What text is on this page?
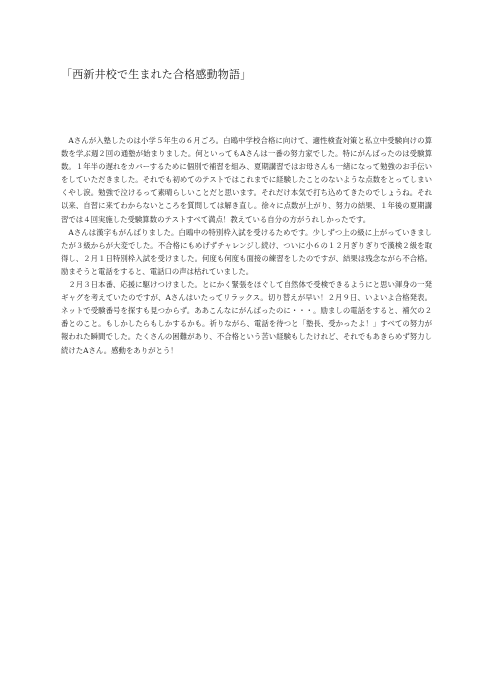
「西新井校で生まれた合格感動物語」

Aさんが入塾したのは小学５年生の６月ごろ。白鴎中学校合格に向けて、適性検査対策と私立中受験向けの算数を学ぶ週２回の通塾が始まりました。何といってもAさんは一番の努力家でした。特にがんばったのは受験算数。１年半の遅れをカバーするために個別で補習を組み、夏期講習ではお母さんも一緒になって勉強のお手伝いをしていただきました。それでも初めてのテストではこれまでに経験したことのないような点数をとってしまいくやし涙。勉強で泣けるって素晴らしいことだと思います。それだけ本気で打ち込めてきたのでしょうね。それ以来、自習に来てわからないところを質問しては解き直し。徐々に点数が上がり、努力の結果、１年後の夏期講習では４回実施した受験算数のテストすべて満点！教えている自分の方がうれしかったです。

Aさんは漢字もがんばりました。白鴎中の特別枠入試を受けるためです。少しずつ上の級に上がっていきましたが３級からが大変でした。不合格にもめげずチャレンジし続け、ついに小６の１２月ぎりぎりで漢検２級を取得し、２月１日特別枠入試を受けました。何度も何度も面接の練習をしたのですが、結果は残念ながら不合格。励まそうと電話をすると、電話口の声は枯れていました。

２月３日本番、応援に駆けつけました。とにかく緊張をほぐして自然体で受検できるようにと思い渾身の一発ギャグを考えていたのですが、Aさんはいたってリラックス。切り替えが早い！２月９日、いよいよ合格発表。ネットで受験番号を探すも見つからず。ああこんなにがんばったのに・・・。励ましの電話をすると、補欠の２番とのこと。もしかしたらもしかするかも。祈りながら、電話を待つと「塾長、受かったよ！」すべての努力が報われた瞬間でした。たくさんの困難があり、不合格という苦い経験もしたけれど、それでもあきらめず努力し続けたAさん。感動をありがとう！
